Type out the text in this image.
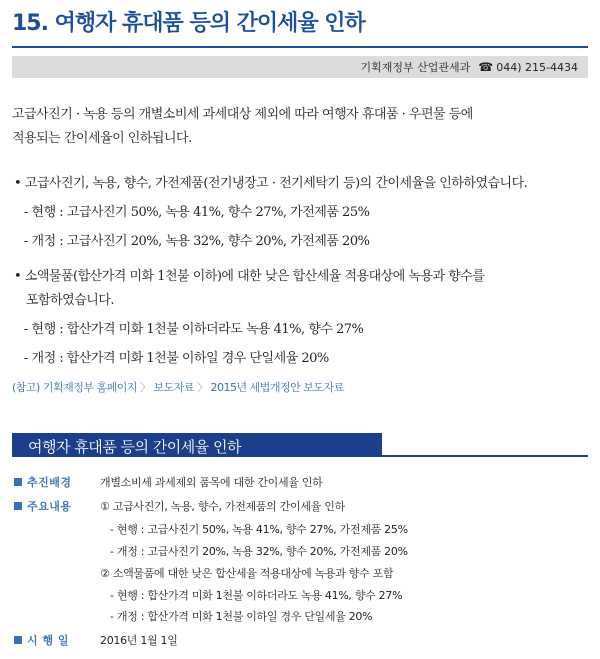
15. 여행자 휴대품 등의 간이세율 인하
기획재정부 산업관세과 ☎ 044) 215-4434

고급사진기 · 녹용 등의 개별소비세 과세대상 제외에 따라 여행자 휴대품 · 우편물 등에
적용되는 간이세율이 인하됩니다.

• 고급사진기, 녹용, 향수, 가전제품(전기냉장고 · 전기세탁기 등)의 간이세율을 인하하였습니다.

- 현행 : 고급사진기 50%, 녹용 41%, 향수 27%, 가전제품 25%

- 개정 : 고급사진기 20%, 녹용 32%, 향수 20%, 가전제품 20%

• 소액물품(합산가격 미화 1천불 이하)에 대한 낮은 합산세율 적용대상에 녹용과 향수를
포함하였습니다.

- 현행 : 합산가격 미화 1천불 이하더라도 녹용 41%, 향수 27%

- 개정 : 합산가격 미화 1천불 이하일 경우 단일세율 20%

(참고) 기획재정부 홈페이지 〉 보도자료 〉 2015년 세법개정안 보도자료

여행자 휴대품 등의 간이세율 인하
추진배경	개별소비세 과세제외 품목에 대한 간이세율 인하
주요내용	① 고급사진기, 녹용, 향수, 가전제품의 간이세율 인하
- 현행 : 고급사진기 50%, 녹용 41%, 향수 27%, 가전제품 25%
- 개정 : 고급사진기 20%, 녹용 32%, 향수 20%, 가전제품 20%
② 소액물품에 대한 낮은 합산세율 적용대상에 녹용과 향수 포함
- 현행 : 합산가격 미화 1천불 이하더라도 녹용 41%, 향수 27%
- 개정 : 합산가격 미화 1천불 이하일 경우 단일세율 20%
시 행 일	2016년 1월 1일
